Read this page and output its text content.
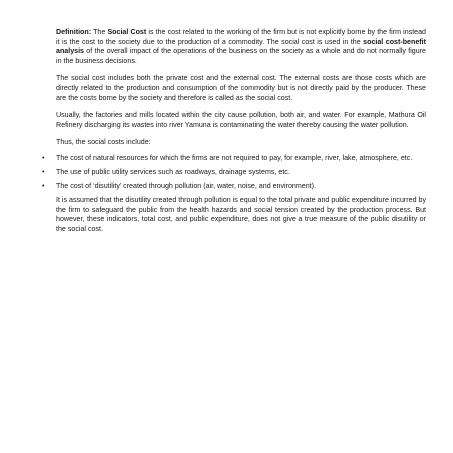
Definition: The Social Cost is the cost related to the working of the firm but is not explicitly borne by the firm instead it is the cost to the society due to the production of a commodity. The social cost is used in the social cost-benefit analysis of the overall impact of the operations of the business on the society as a whole and do not normally figure in the business decisions.

The social cost includes both the private cost and the external cost. The external costs are those costs which are directly related to the production and consumption of the commodity but is not directly paid by the producer. These are the costs borne by the society and therefore is called as the social cost.

Usually, the factories and mills located within the city cause pollution, both air, and water. For example, Mathura Oil Refinery discharging its wastes into river Yamuna is contaminating the water thereby causing the water pollution.

Thus, the social costs include:

• The cost of natural resources for which the firms are not required to pay, for example, river, lake, atmosphere, etc.
• The use of public utility services such as roadways, drainage systems, etc.
• The cost of ‘disutility’ created through pollution (air, water, noise, and environment).

It is assumed that the disutility created through pollution is equal to the total private and public expenditure incurred by the firm to safeguard the public from the health hazards and social tension created by the production process. But however, these indicators, total cost, and public expenditure, does not give a true measure of the public disutility or the social cost.
